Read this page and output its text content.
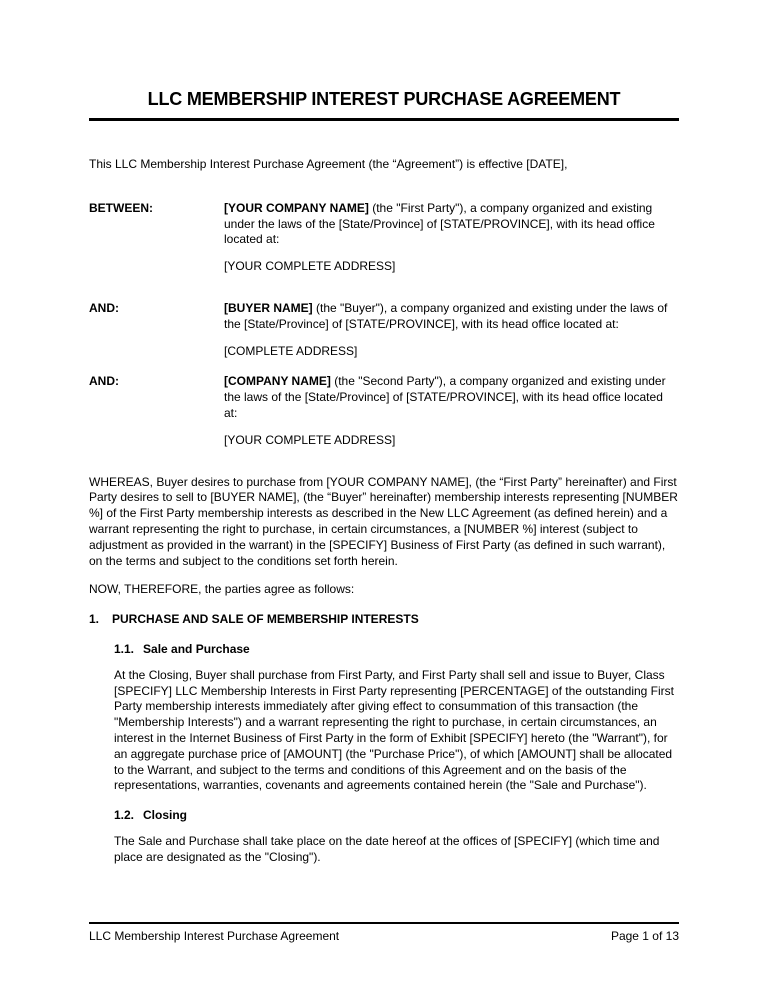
LLC MEMBERSHIP INTEREST PURCHASE AGREEMENT
This LLC Membership Interest Purchase Agreement (the “Agreement”) is effective [DATE],
BETWEEN:	[YOUR COMPANY NAME] (the "First Party"), a company organized and existing under the laws of the [State/Province] of [STATE/PROVINCE], with its head office located at:
[YOUR COMPLETE ADDRESS]
AND:	[BUYER NAME] (the "Buyer"), a company organized and existing under the laws of the [State/Province] of [STATE/PROVINCE], with its head office located at:
[COMPLETE ADDRESS]
AND:	[COMPANY NAME] (the "Second Party"), a company organized and existing under the laws of the [State/Province] of [STATE/PROVINCE], with its head office located at:
[YOUR COMPLETE ADDRESS]
WHEREAS, Buyer desires to purchase from [YOUR COMPANY NAME], (the “First Party” hereinafter) and First Party desires to sell to [BUYER NAME], (the “Buyer” hereinafter) membership interests representing [NUMBER %] of the First Party membership interests as described in the New LLC Agreement (as defined herein) and a warrant representing the right to purchase, in certain circumstances, a [NUMBER %] interest (subject to adjustment as provided in the warrant) in the [SPECIFY] Business of First Party (as defined in such warrant), on the terms and subject to the conditions set forth herein.
NOW, THEREFORE, the parties agree as follows:
1.	PURCHASE AND SALE OF MEMBERSHIP INTERESTS
1.1. Sale and Purchase
At the Closing, Buyer shall purchase from First Party, and First Party shall sell and issue to Buyer, Class [SPECIFY] LLC Membership Interests in First Party representing [PERCENTAGE] of the outstanding First Party membership interests immediately after giving effect to consummation of this transaction (the "Membership Interests") and a warrant representing the right to purchase, in certain circumstances, an interest in the Internet Business of First Party in the form of Exhibit [SPECIFY] hereto (the "Warrant"), for an aggregate purchase price of [AMOUNT] (the "Purchase Price"), of which [AMOUNT] shall be allocated to the Warrant, and subject to the terms and conditions of this Agreement and on the basis of the representations, warranties, covenants and agreements contained herein (the "Sale and Purchase").
1.2. Closing
The Sale and Purchase shall take place on the date hereof at the offices of [SPECIFY] (which time and place are designated as the "Closing").
LLC Membership Interest Purchase Agreement	Page 1 of 13
